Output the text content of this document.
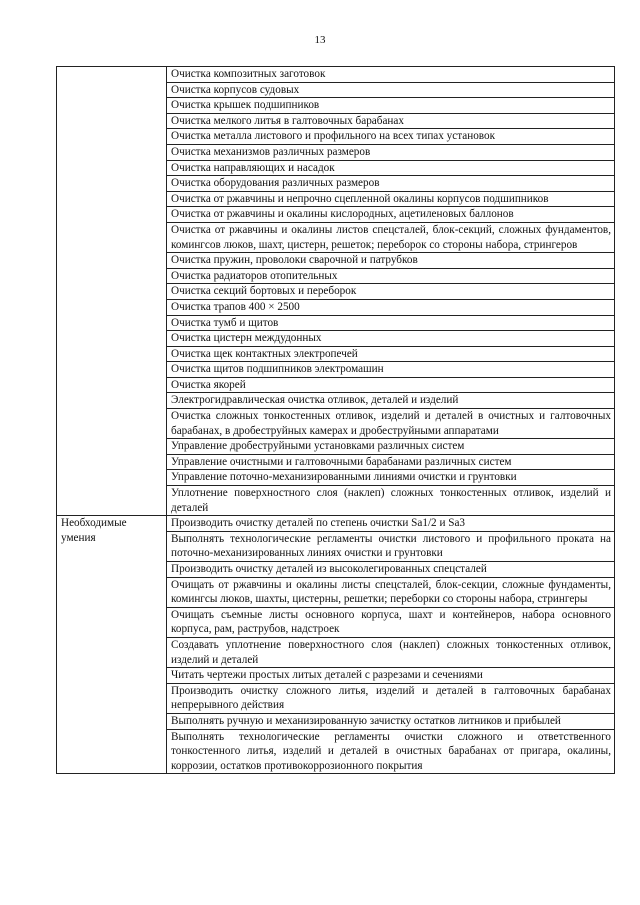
13
	Очистка композитных заготовок
	Очистка корпусов судовых
	Очистка крышек подшипников
	Очистка мелкого литья в галтовочных барабанах
	Очистка металла листового и профильного на всех типах установок
	Очистка механизмов различных размеров
	Очистка направляющих и насадок
	Очистка оборудования различных размеров
	Очистка от ржавчины и непрочно сцепленной окалины корпусов подшипников
	Очистка от ржавчины и окалины кислородных, ацетиленовых баллонов
	Очистка от ржавчины и окалины листов спецсталей, блок-секций, сложных фундаментов, комингсов люков, шахт, цистерн, решеток; переборок со стороны набора, стрингеров
	Очистка пружин, проволоки сварочной и патрубков
	Очистка радиаторов отопительных
	Очистка секций бортовых и переборок
	Очистка трапов 400 × 2500
	Очистка тумб и щитов
	Очистка цистерн междудонных
	Очистка щек контактных электропечей
	Очистка щитов подшипников электромашин
	Очистка якорей
	Электрогидравлическая очистка отливок, деталей и изделий
	Очистка сложных тонкостенных отливок, изделий и деталей в очистных и галтовочных барабанах, в дробеструйных камерах и дробеструйными аппаратами
	Управление дробеструйными установками различных систем
	Управление очистными и галтовочными барабанами различных систем
	Управление поточно-механизированными линиями очистки и грунтовки
	Уплотнение поверхностного слоя (наклеп) сложных тонкостенных отливок, изделий и деталей
Необходимые умения	Производить очистку деталей по степень очистки Sa1/2 и Sa3
	Выполнять технологические регламенты очистки листового и профильного проката на поточно-механизированных линиях очистки и грунтовки
	Производить очистку деталей из высоколегированных спецсталей
	Очищать от ржавчины и окалины листы спецсталей, блок-секции, сложные фундаменты, комингсы люков, шахты, цистерны, решетки; переборки со стороны набора, стрингеры
	Очищать съемные листы основного корпуса, шахт и контейнеров, набора основного корпуса, рам, раструбов, надстроек
	Создавать уплотнение поверхностного слоя (наклеп) сложных тонкостенных отливок, изделий и деталей
	Читать чертежи простых литых деталей с разрезами и сечениями
	Производить очистку сложного литья, изделий и деталей в галтовочных барабанах непрерывного действия
	Выполнять ручную и механизированную зачистку остатков литников и прибылей
	Выполнять технологические регламенты очистки сложного и ответственного тонкостенного литья, изделий и деталей в очистных барабанах от пригара, окалины, коррозии, остатков противокоррозионного покрытия
